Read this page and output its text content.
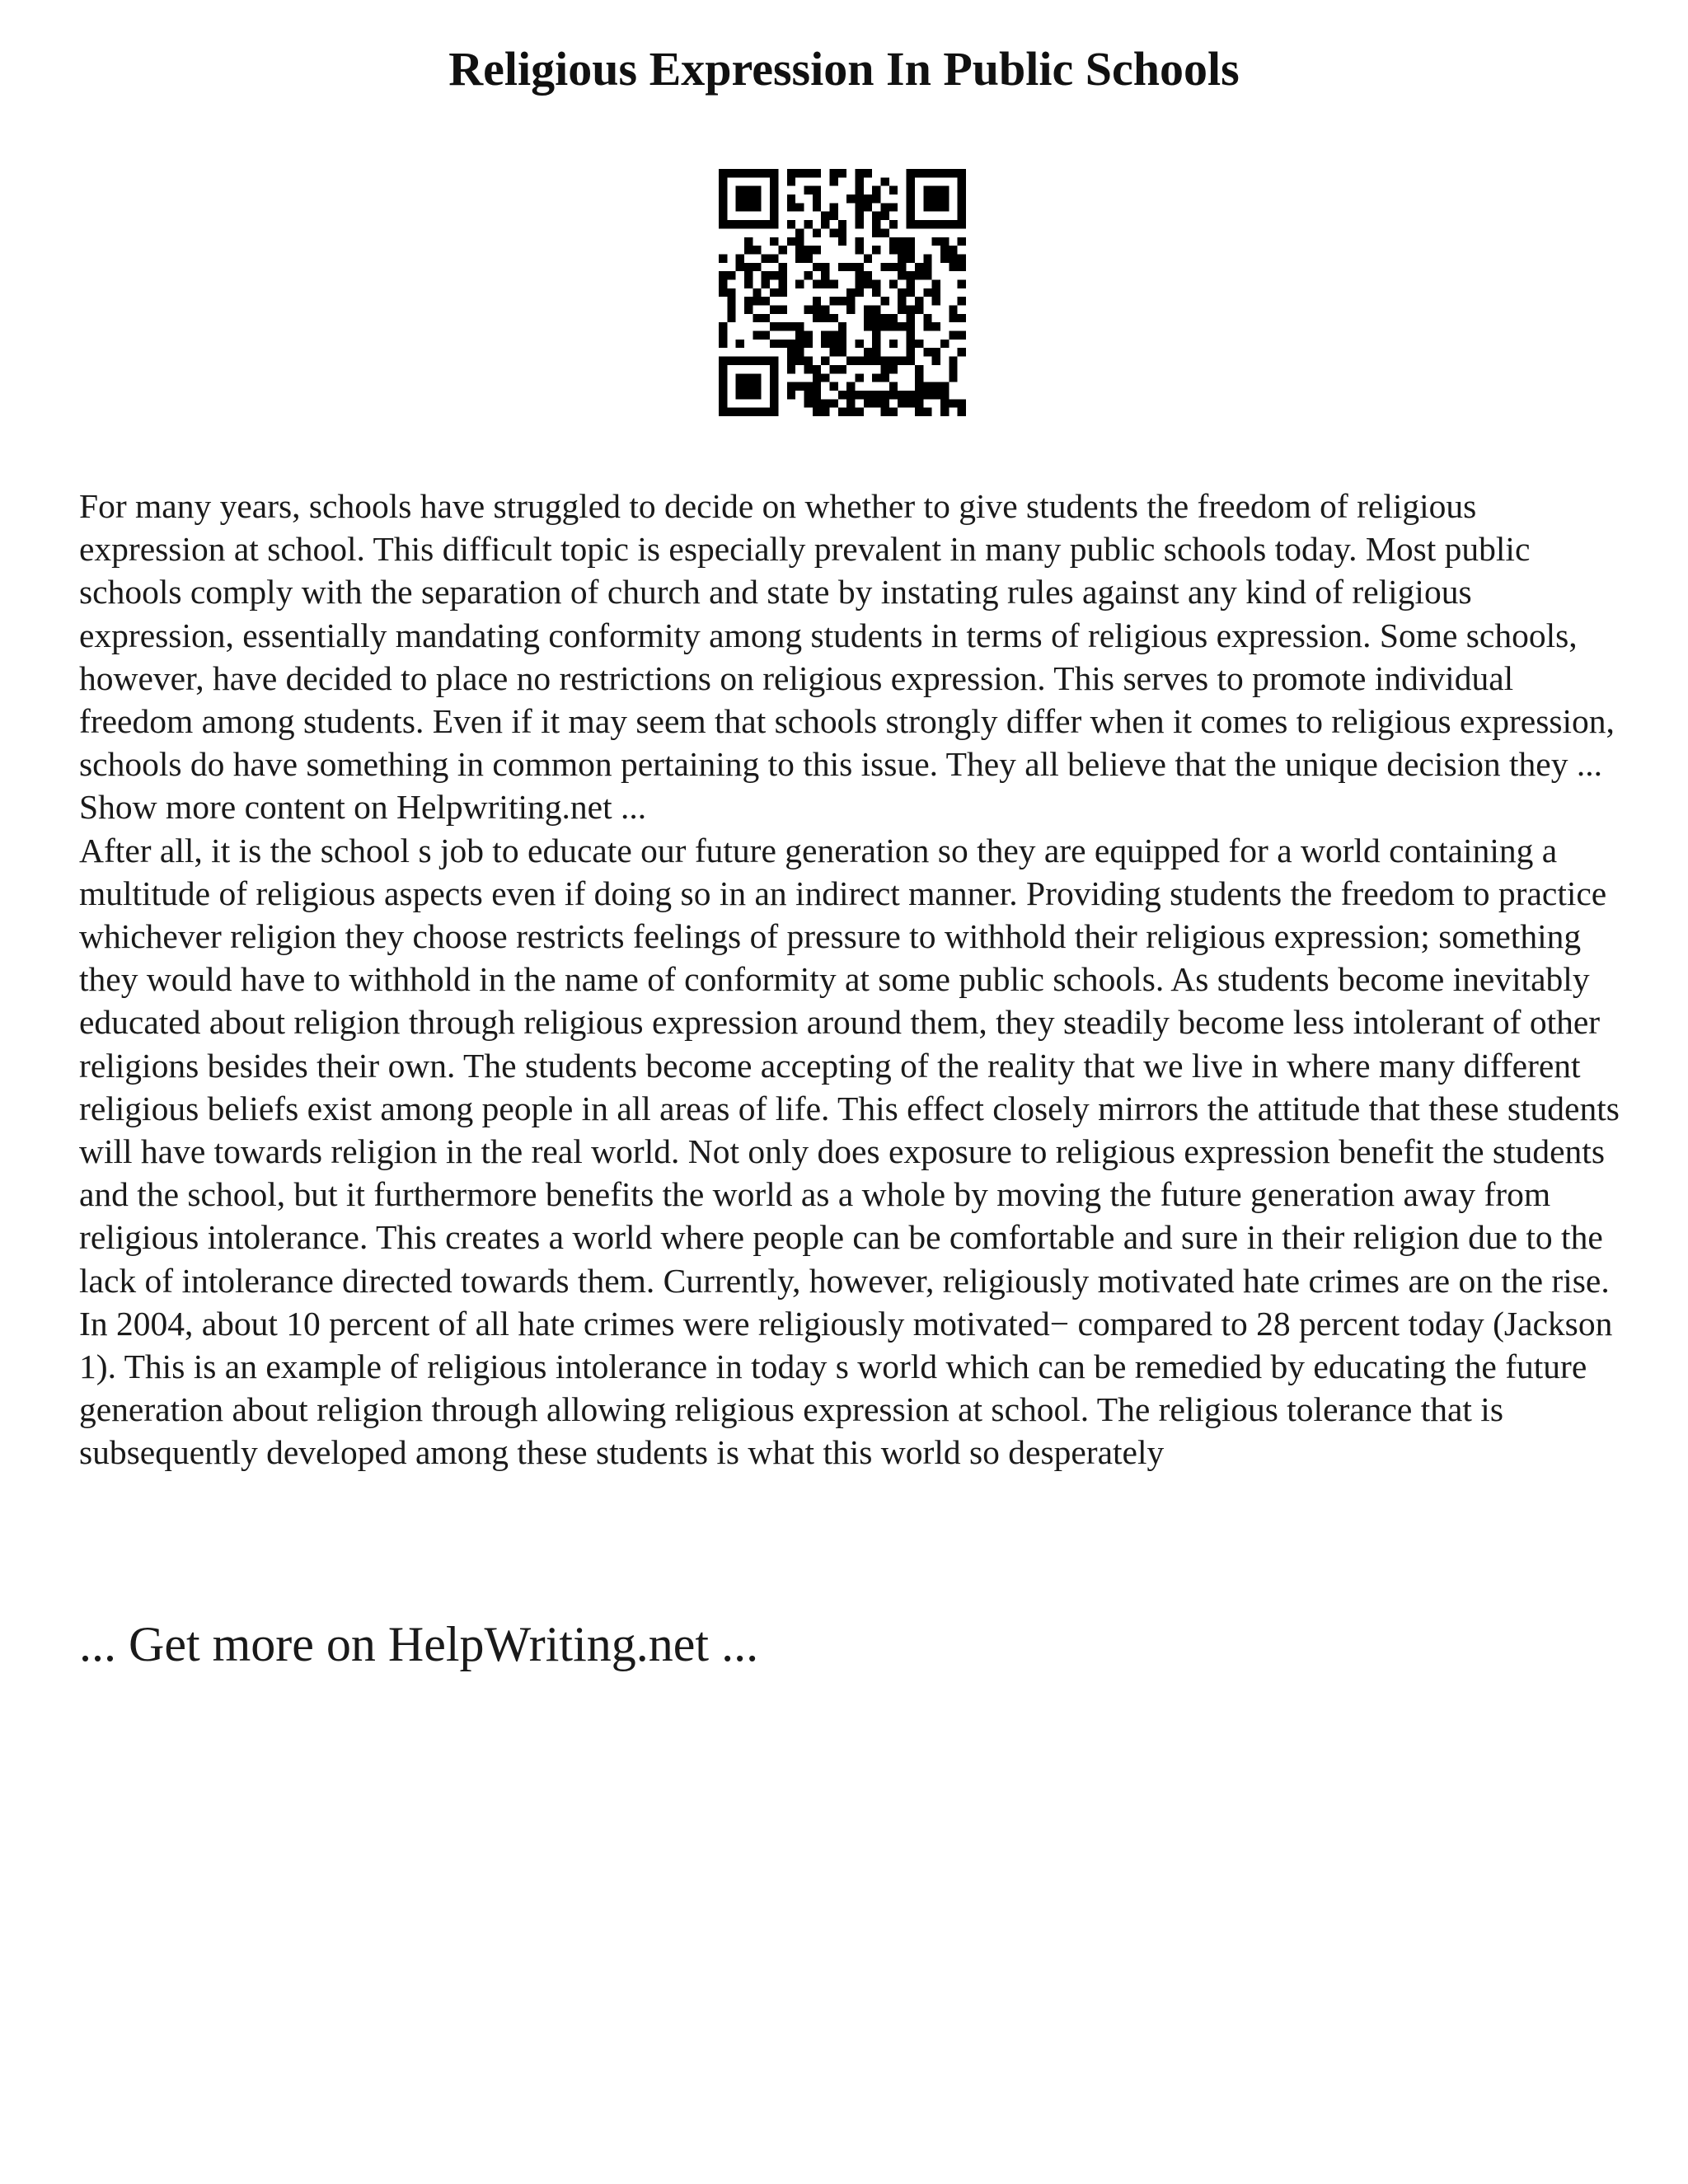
Religious Expression In Public Schools

For many years, schools have struggled to decide on whether to give students the freedom of religious expression at school. This difficult topic is especially prevalent in many public schools today. Most public schools comply with the separation of church and state by instating rules against any kind of religious expression, essentially mandating conformity among students in terms of religious expression. Some schools, however, have decided to place no restrictions on religious expression. This serves to promote individual freedom among students. Even if it may seem that schools strongly differ when it comes to religious expression, schools do have something in common pertaining to this issue. They all believe that the unique decision they ... Show more content on Helpwriting.net ...

After all, it is the school s job to educate our future generation so they are equipped for a world containing a multitude of religious aspects even if doing so in an indirect manner. Providing students the freedom to practice whichever religion they choose restricts feelings of pressure to withhold their religious expression; something they would have to withhold in the name of conformity at some public schools. As students become inevitably educated about religion through religious expression around them, they steadily become less intolerant of other religions besides their own. The students become accepting of the reality that we live in where many different religious beliefs exist among people in all areas of life. This effect closely mirrors the attitude that these students will have towards religion in the real world. Not only does exposure to religious expression benefit the students and the school, but it furthermore benefits the world as a whole by moving the future generation away from religious intolerance. This creates a world where people can be comfortable and sure in their religion due to the lack of intolerance directed towards them. Currently, however, religiously motivated hate crimes are on the rise. In 2004, about 10 percent of all hate crimes were religiously motivated− compared to 28 percent today (Jackson 1). This is an example of religious intolerance in today s world which can be remedied by educating the future generation about religion through allowing religious expression at school. The religious tolerance that is subsequently developed among these students is what this world so desperately

... Get more on HelpWriting.net ...
